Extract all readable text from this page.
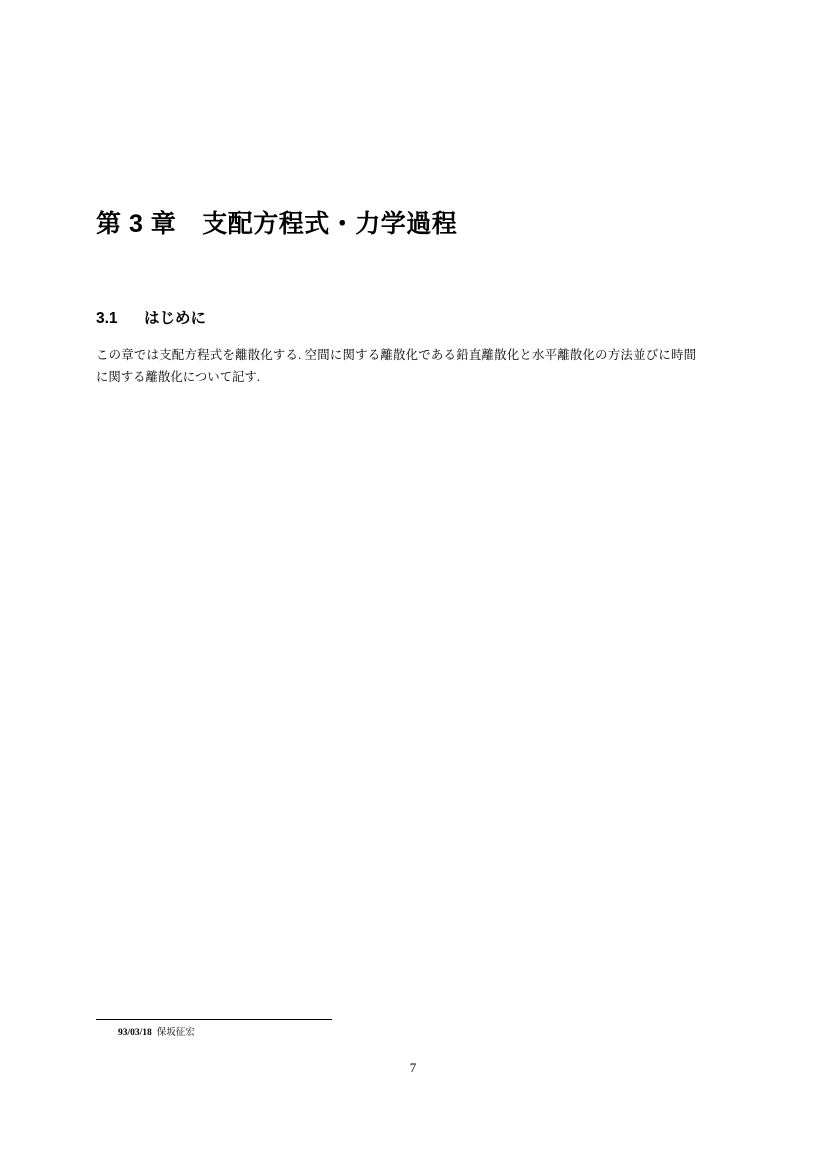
第 3 章 支配方程式・力学過程
3.1 はじめに

この章では支配方程式を離散化する. 空間に関する離散化である鉛直離散化と水平離散化の方法並びに時間に関する離散化について記す.

93/03/18 保坂征宏
7
